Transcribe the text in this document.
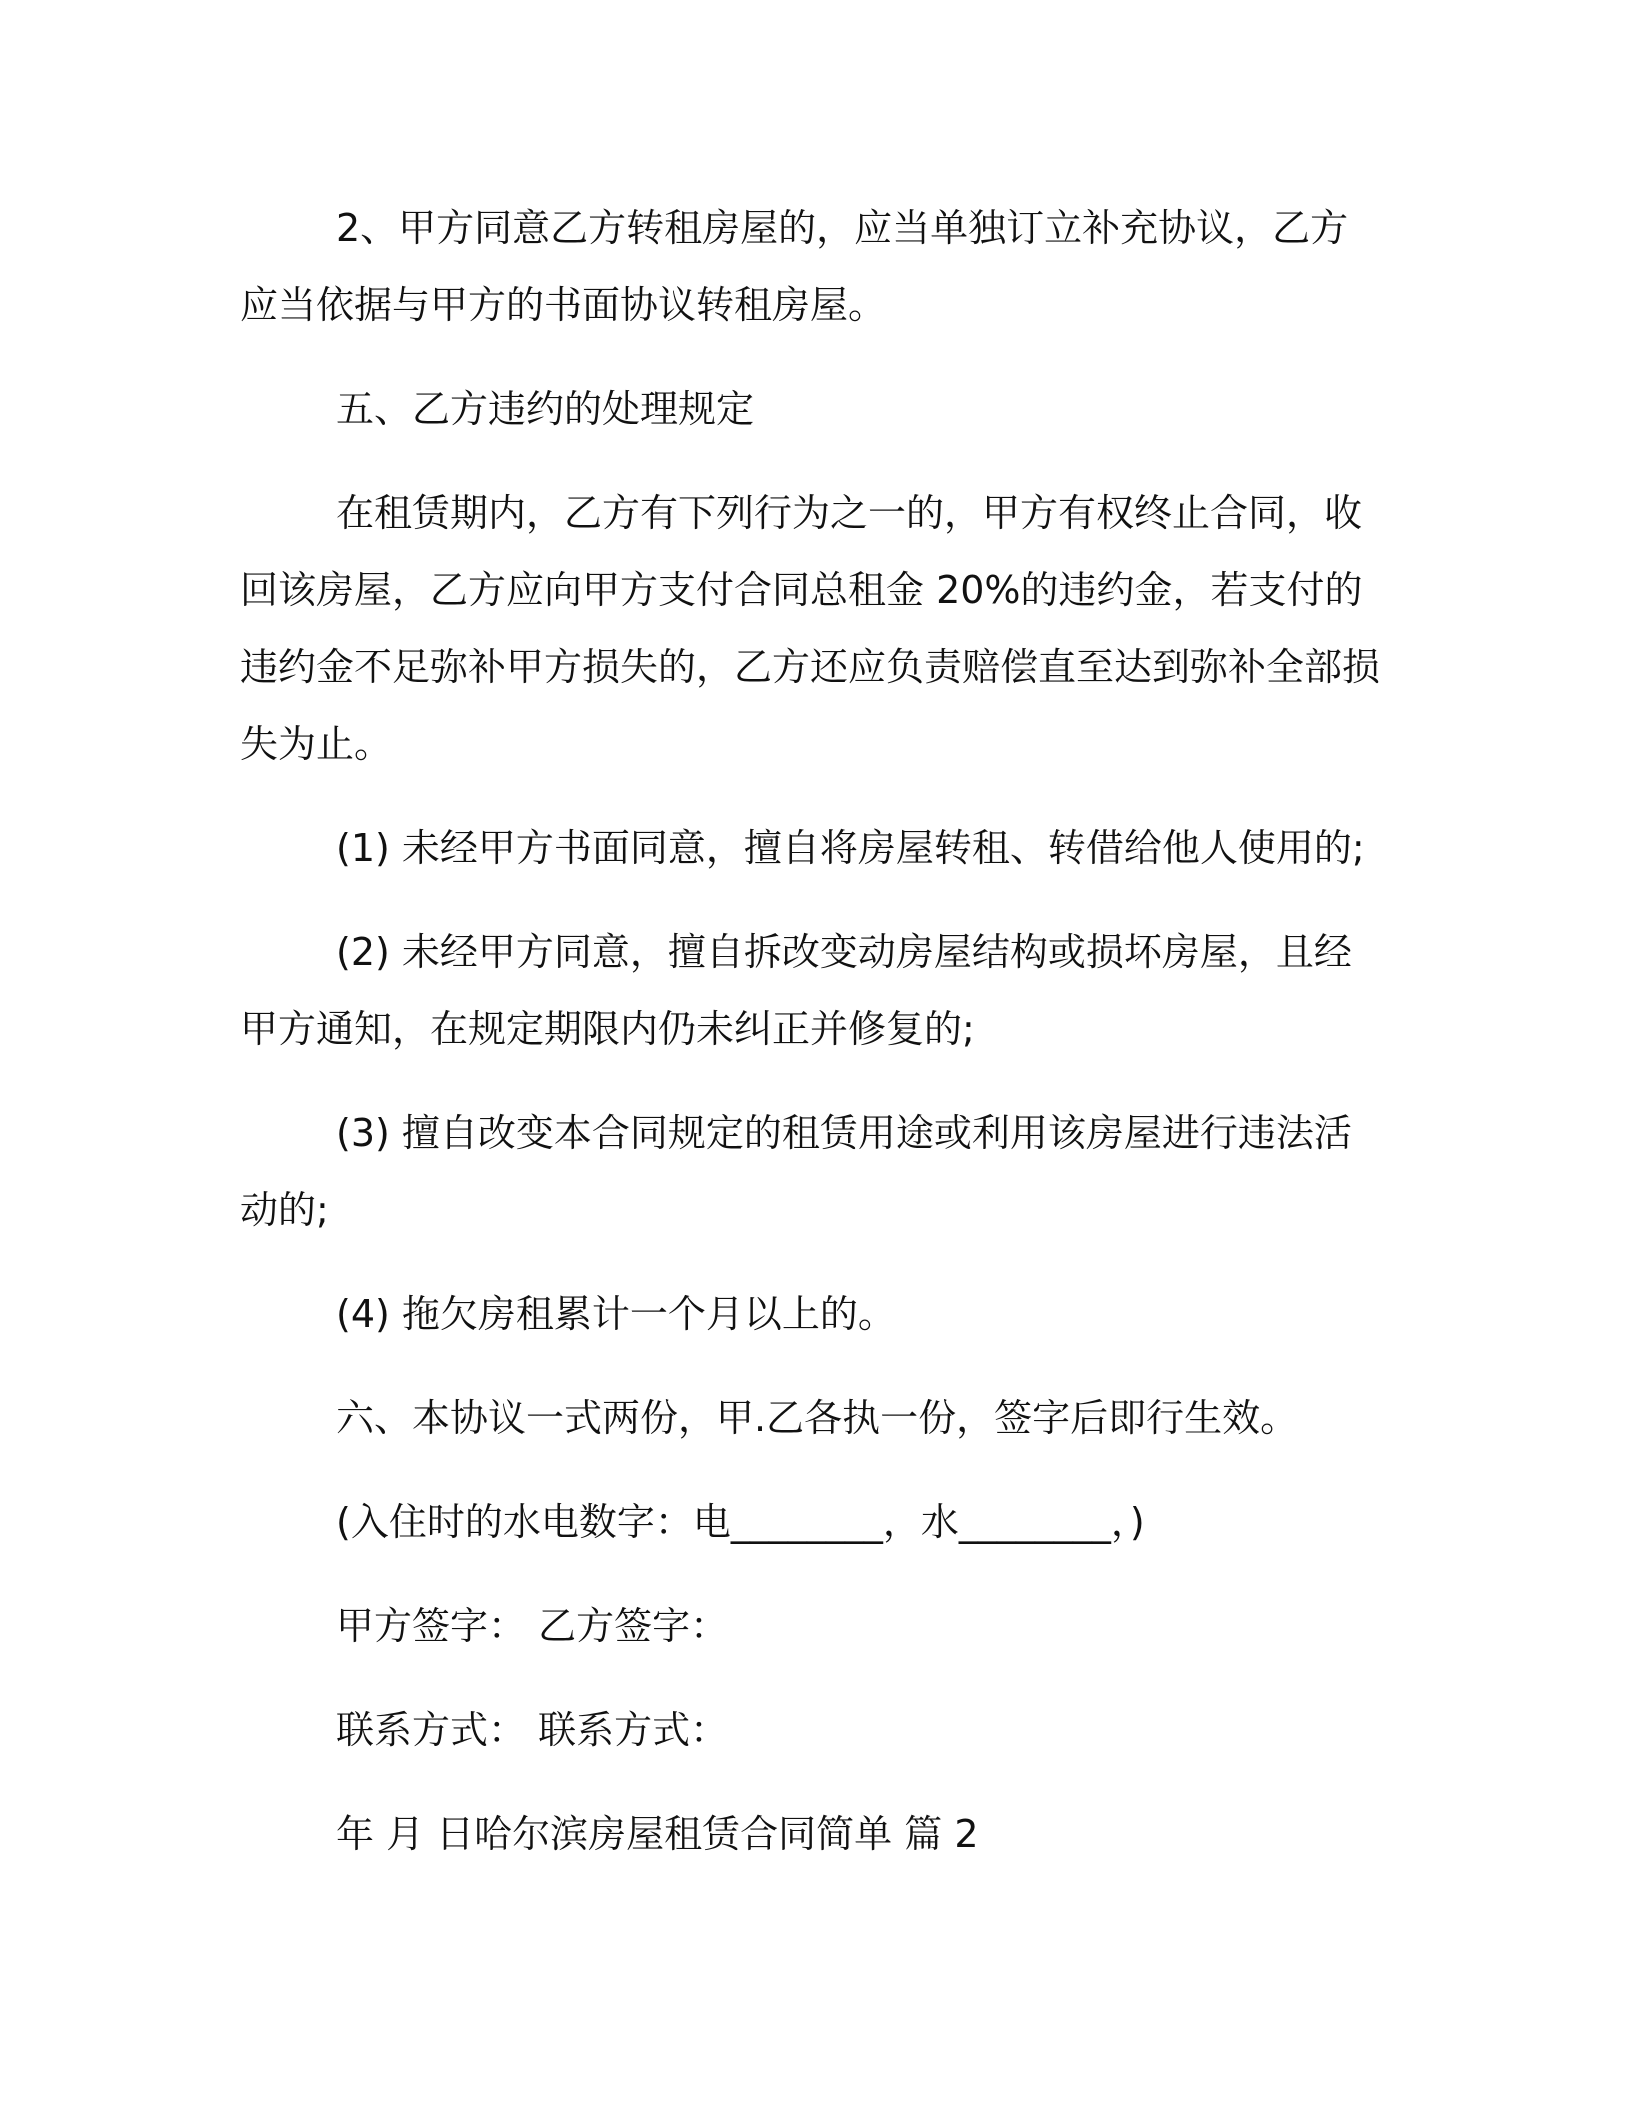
2、甲方同意乙方转租房屋的，应当单独订立补充协议，乙方应当依据与甲方的书面协议转租房屋。

五、乙方违约的处理规定

在租赁期内，乙方有下列行为之一的，甲方有权终止合同，收回该房屋，乙方应向甲方支付合同总租金 20%的违约金，若支付的违约金不足弥补甲方损失的，乙方还应负责赔偿直至达到弥补全部损失为止。

(1) 未经甲方书面同意，擅自将房屋转租、转借给他人使用的;

(2) 未经甲方同意，擅自拆改变动房屋结构或损坏房屋，且经甲方通知，在规定期限内仍未纠正并修复的;

(3) 擅自改变本合同规定的租赁用途或利用该房屋进行违法活动的;

(4) 拖欠房租累计一个月以上的。

六、本协议一式两份，甲.乙各执一份，签字后即行生效。

(入住时的水电数字：电________，水________，)

甲方签字： 乙方签字：

联系方式： 联系方式：

年 月 日哈尔滨房屋租赁合同简单 篇 2
